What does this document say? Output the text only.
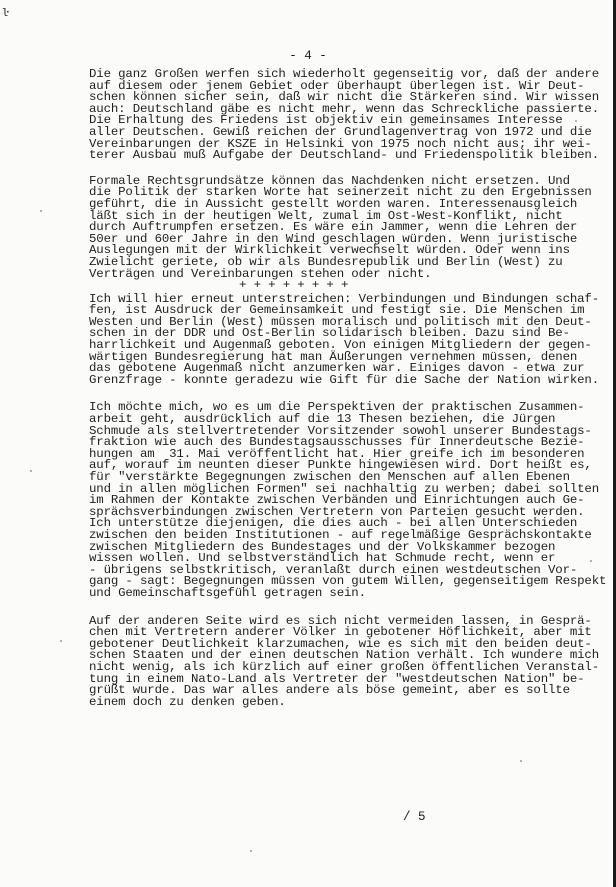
ŀ
- 4 -
Die ganz Großen werfen sich wiederholt gegenseitig vor, daß der andere
auf diesem oder jenem Gebiet oder überhaupt überlegen ist. Wir Deut-
schen können sicher sein, daß wir nicht die Stärkeren sind. Wir wissen
auch: Deutschland gäbe es nicht mehr, wenn das Schreckliche passierte.
Die Erhaltung des Friedens ist objektiv ein gemeinsames Interesse
aller Deutschen. Gewiß reichen der Grundlagenvertrag von 1972 und die
Vereinbarungen der KSZE in Helsinki von 1975 noch nicht aus; ihr wei-
terer Ausbau muß Aufgabe der Deutschland- und Friedenspolitik bleiben.
Formale Rechtsgrundsätze können das Nachdenken nicht ersetzen. Und
die Politik der starken Worte hat seinerzeit nicht zu den Ergebnissen
geführt, die in Aussicht gestellt worden waren. Interessenausgleich
läßt sich in der heutigen Welt, zumal im Ost-West-Konflikt, nicht
durch Auftrumpfen ersetzen. Es wäre ein Jammer, wenn die Lehren der
50er und 60er Jahre in den Wind geschlagen würden. Wenn juristische
Auslegungen mit der Wirklichkeit verwechselt würden. Oder wenn ins
Zwielicht geriete, ob wir als Bundesrepublik und Berlin (West) zu
Verträgen und Vereinbarungen stehen oder nicht.
+ + + + + + + +
Ich will hier erneut unterstreichen: Verbindungen und Bindungen schaf-
fen, ist Ausdruck der Gemeinsamkeit und festigt sie. Die Menschen im
Westen und Berlin (West) müssen moralisch und politisch mit den Deut-
schen in der DDR und Ost-Berlin solidarisch bleiben. Dazu sind Be-
harrlichkeit und Augenmaß geboten. Von einigen Mitgliedern der gegen-
wärtigen Bundesregierung hat man Äußerungen vernehmen müssen, denen
das gebotene Augenmaß nicht anzumerken war. Einiges davon - etwa zur
Grenzfrage - konnte geradezu wie Gift für die Sache der Nation wirken.
Ich möchte mich, wo es um die Perspektiven der praktischen Zusammen-
arbeit geht, ausdrücklich auf die 13 Thesen beziehen, die Jürgen
Schmude als stellvertretender Vorsitzender sowohl unserer Bundestags-
fraktion wie auch des Bundestagsausschusses für Innerdeutsche Bezie-
hungen am  31. Mai veröffentlicht hat. Hier greife ich im besonderen
auf, worauf im neunten dieser Punkte hingewiesen wird. Dort heißt es,
für "verstärkte Begegnungen zwischen den Menschen auf allen Ebenen
und in allen möglichen Formen" sei nachhaltig zu werben; dabei sollten
im Rahmen der Kontakte zwischen Verbänden und Einrichtungen auch Ge-
sprächsverbindungen zwischen Vertretern von Parteien gesucht werden.
Ich unterstütze diejenigen, die dies auch - bei allen Unterschieden
zwischen den beiden Institutionen - auf regelmäßige Gesprächskontakte
zwischen Mitgliedern des Bundestages und der Volkskammer bezogen
wissen wollen. Und selbstverständlich hat Schmude recht, wenn er
- übrigens selbstkritisch, veranlaßt durch einen westdeutschen Vor-
gang - sagt: Begegnungen müssen von gutem Willen, gegenseitigem Respekt
und Gemeinschaftsgefühl getragen sein.
Auf der anderen Seite wird es sich nicht vermeiden lassen, in Gesprä-
chen mit Vertretern anderer Völker in gebotener Höflichkeit, aber mit
gebotener Deutlichkeit klarzumachen, wie es sich mit den beiden deut-
schen Staaten und der einen deutschen Nation verhält. Ich wundere mich
nicht wenig, als ich kürzlich auf einer großen öffentlichen Veranstal-
tung in einem Nato-Land als Vertreter der "westdeutschen Nation" be-
grüßt wurde. Das war alles andere als böse gemeint, aber es sollte
einem doch zu denken geben.
/ 5
